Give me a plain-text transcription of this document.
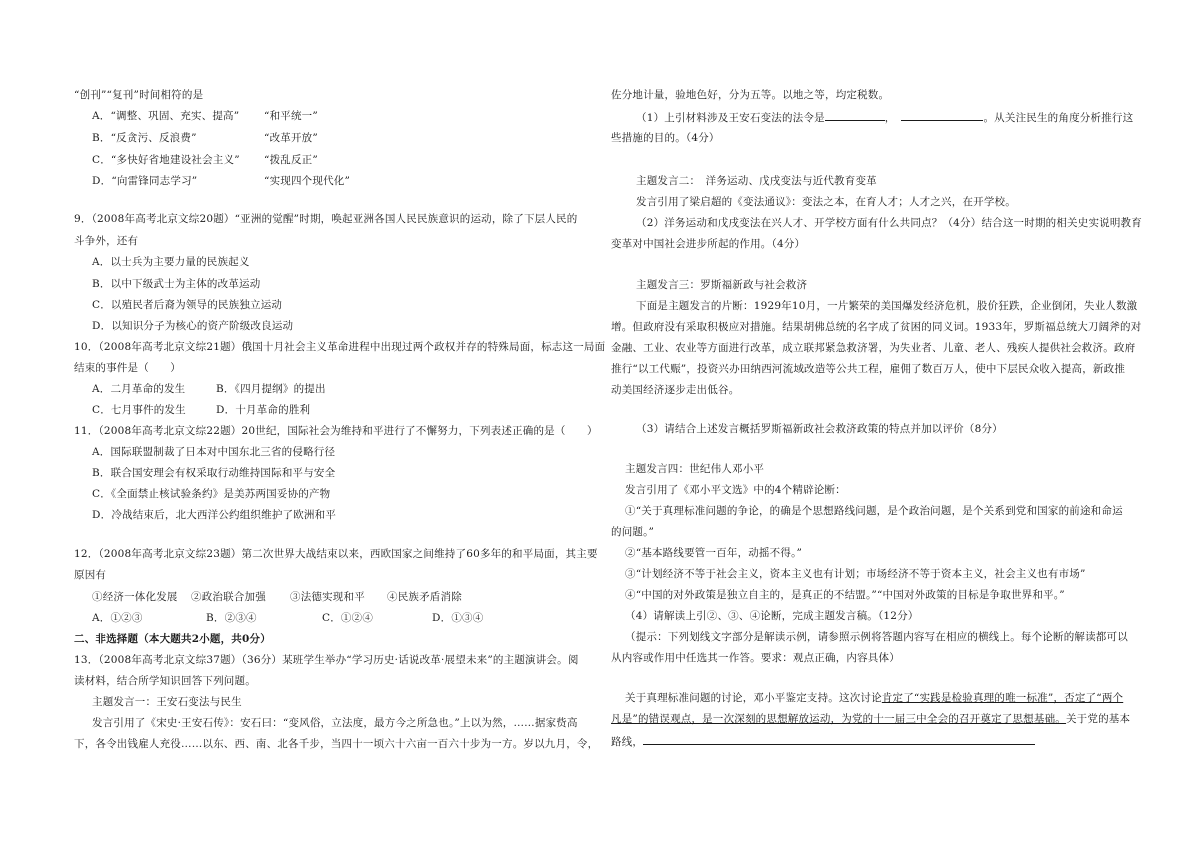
“创刊”“复刊”时间相符的是
A．“调整、巩固、充实、提高” “和平统一”
B．“反贪污、反浪费”	“改革开放”
C．“多快好省地建设社会主义” “拨乱反正”
D．“向雷锋同志学习”	“实现四个现代化”
9．（2008年高考北京文综20题）“亚洲的觉醒”时期，唤起亚洲各国人民民族意识的运动，除了下层人民的
斗争外，还有
A．以士兵为主要力量的民族起义
B．以中下级武士为主体的改革运动
C．以殖民者后裔为领导的民族独立运动
D．以知识分子为核心的资产阶级改良运动
10．（2008年高考北京文综21题）俄国十月社会主义革命进程中出现过两个政权并存的特殊局面，标志这一局面
结束的事件是（　　）
A．二月革命的发生	B．《四月提纲》的提出
C．七月事件的发生	D．十月革命的胜利
11．（2008年高考北京文综22题）20世纪，国际社会为维持和平进行了不懈努力，下列表述正确的是（　　）
A．国际联盟制裁了日本对中国东北三省的侵略行径
B．联合国安理会有权采取行动维持国际和平与安全
C．《全面禁止核试验条约》是美苏两国妥协的产物
D．冷战结束后，北大西洋公约组织维护了欧洲和平
12．（2008年高考北京文综23题）第二次世界大战结束以来，西欧国家之间维持了60多年的和平局面，其主要
原因有
①经济一体化发展 ②政治联合加强 ③法德实现和平 ④民族矛盾消除
A．①②③	B．②③④	C．①②④	D．①③④
二、非选择题（本大题共2小题，共0分）
13．（2008年高考北京文综37题）（36分）某班学生举办“学习历史·话说改革·展望未来”的主题演讲会。阅
读材料，结合所学知识回答下列问题。
主题发言一：王安石变法与民生
发言引用了《宋史·王安石传》：安石曰：“变风俗，立法度，最方今之所急也。”上以为然，……据家赀高
下，各令出钱雇人充役……以东、西、南、北各千步，当四十一顷六十六亩一百六十步为一方。岁以九月，令，
佐分地计量，验地色好，分为五等。以地之等，均定税数。
（1）上引材料涉及王安石变法的法令是	，	。从关注民生的角度分析推行这
些措施的目的。（4分）
主题发言二：　洋务运动、戊戌变法与近代教育变革
发言引用了梁启超的《变法通议》：变法之本，在育人才；人才之兴，在开学校。
（2）洋务运动和戊戌变法在兴人才、开学校方面有什么共同点？（4分）结合这一时期的相关史实说明教育
变革对中国社会进步所起的作用。（4分）
主题发言三：罗斯福新政与社会救济
下面是主题发言的片断：1929年10月，一片繁荣的美国爆发经济危机，股价狂跌，企业倒闭，失业人数激
增。但政府没有采取积极应对措施。结果胡佛总统的名字成了贫困的同义词。1933年，罗斯福总统大刀阔斧的对
金融、工业、农业等方面进行改革，成立联邦紧急救济署，为失业者、儿童、老人、残疾人提供社会救济。政府
推行“以工代赈”，投资兴办田纳西河流域改造等公共工程，雇佣了数百万人，使中下层民众收入提高，新政推
动美国经济逐步走出低谷。
（3）请结合上述发言概括罗斯福新政社会救济政策的特点并加以评价（8分）
主题发言四：世纪伟人邓小平
发言引用了《邓小平文选》中的4个精辟论断：
①“关于真理标准问题的争论，的确是个思想路线问题，是个政治问题，是个关系到党和国家的前途和命运
的问题。”
②“基本路线要管一百年，动摇不得。”
③“计划经济不等于社会主义，资本主义也有计划；市场经济不等于资本主义，社会主义也有市场”
④“中国的对外政策是独立自主的，是真正的不结盟。”“中国对外政策的目标是争取世界和平。”
（4）请解读上引②、③、④论断，完成主题发言稿。（12分）
（提示：下列划线文字部分是解读示例，请参照示例将答题内容写在相应的横线上。每个论断的解读都可以
从内容或作用中任选其一作答。要求：观点正确，内容具体）
关于真理标准问题的讨论，邓小平鉴定支持。这次讨论肯定了“实践是检验真理的唯一标准”，否定了“两个
凡是”的错误观点，是一次深刻的思想解放运动，为党的十一届三中全会的召开奠定了思想基础。关于党的基本
路线，
